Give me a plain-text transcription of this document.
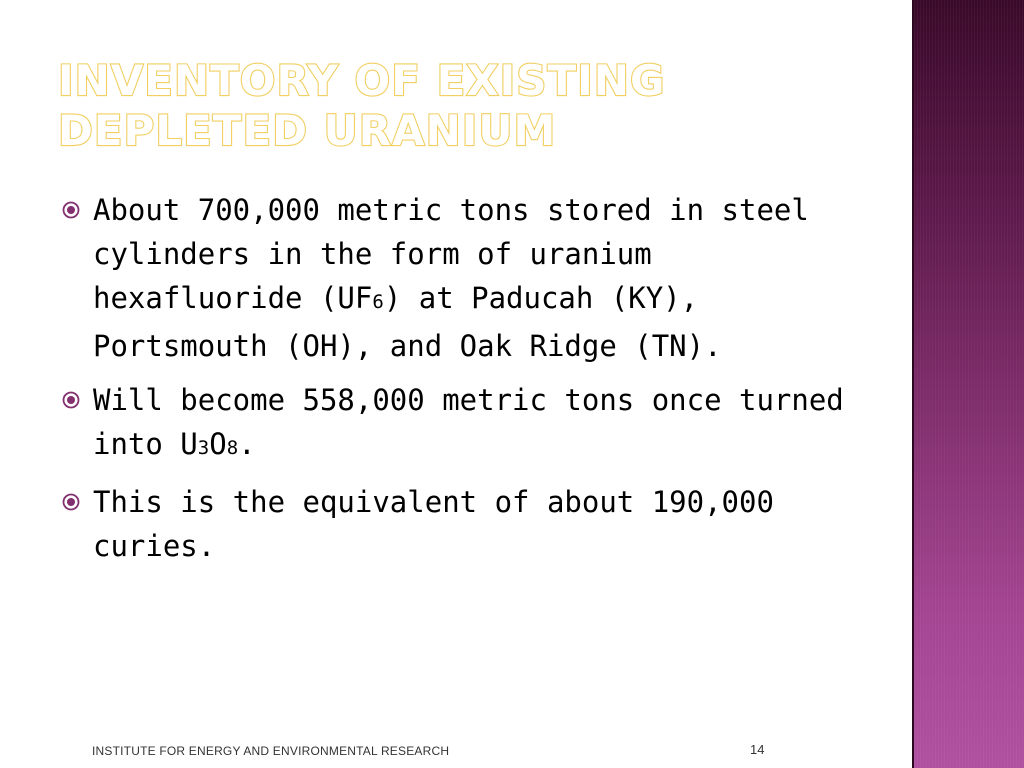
INVENTORY OF EXISTING DEPLETED URANIUM
About 700,000 metric tons stored in steel cylinders in the form of uranium hexafluoride (UF6) at Paducah (KY), Portsmouth (OH), and Oak Ridge (TN).
Will become 558,000 metric tons once turned into U3O8.
This is the equivalent of about 190,000 curies.
INSTITUTE FOR ENERGY AND ENVIRONMENTAL RESEARCH	14
